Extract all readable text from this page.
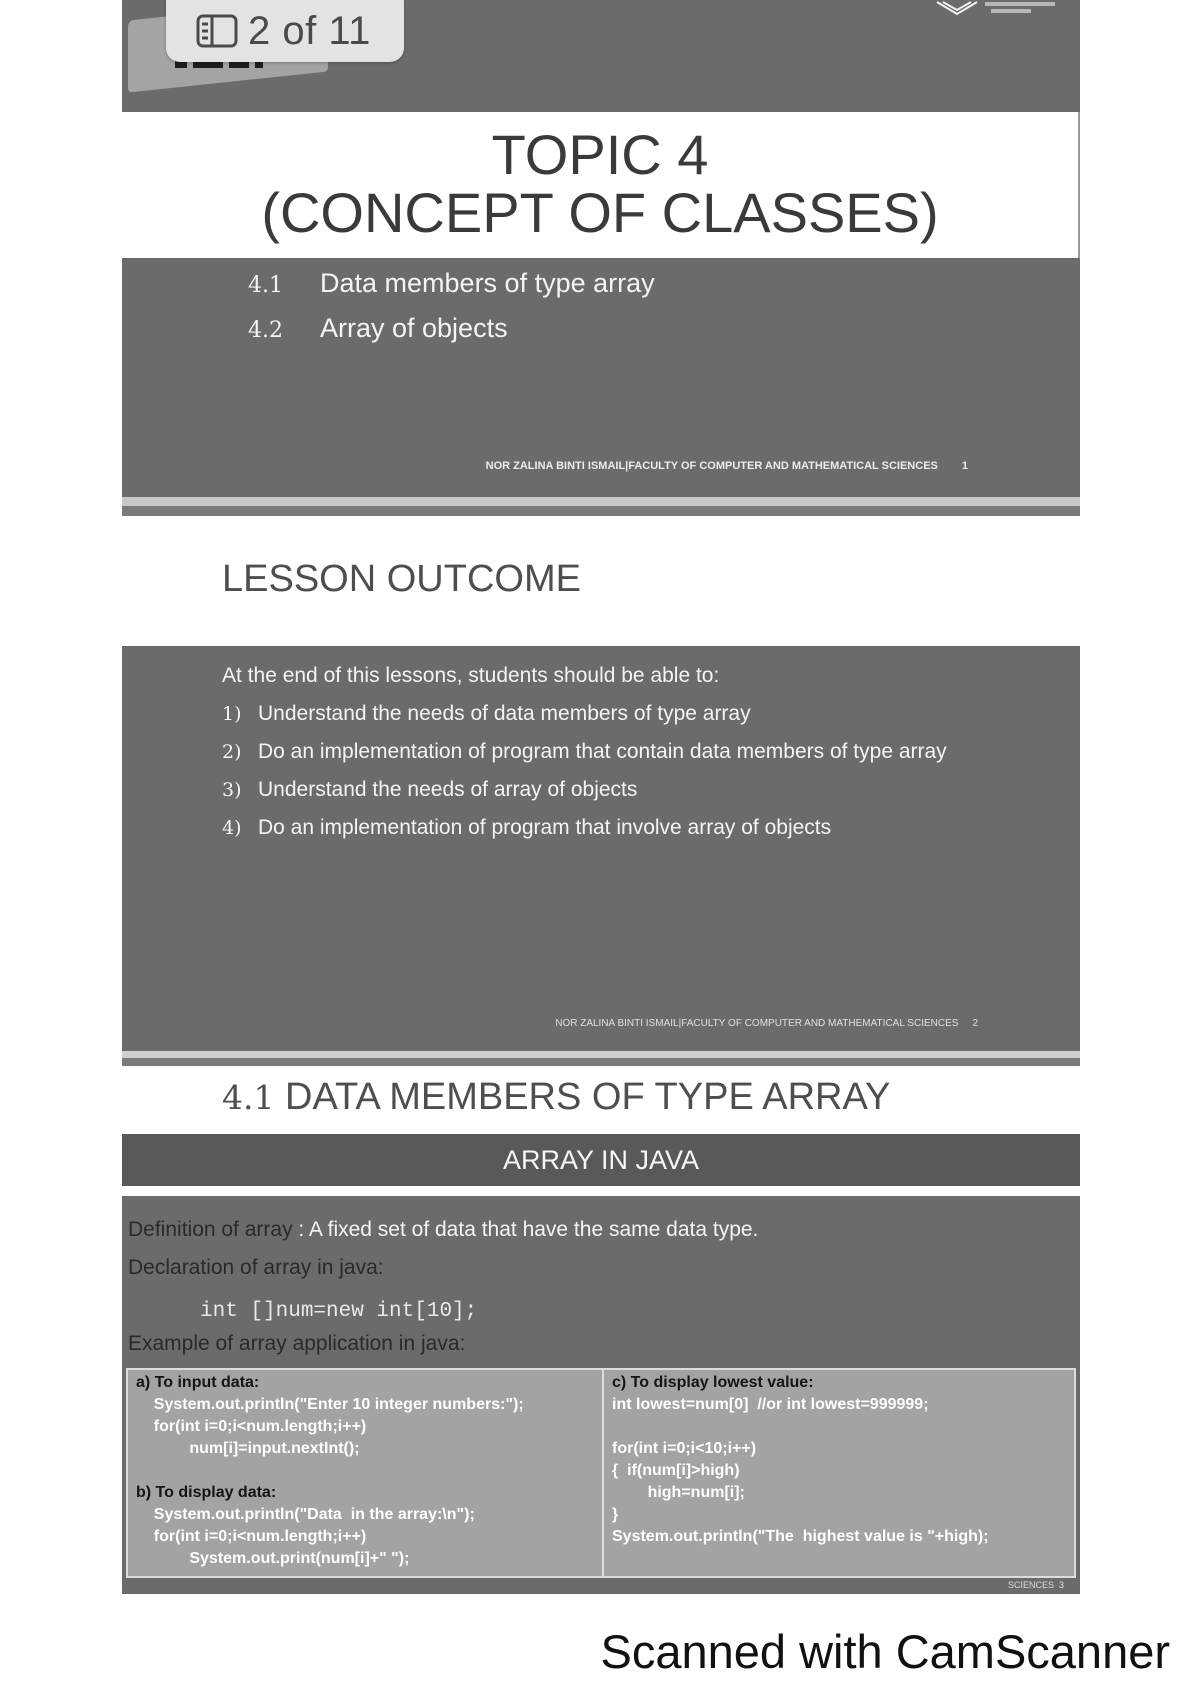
2 of 11
TOPIC 4
(CONCEPT OF CLASSES)
4.1 Data members of type array
4.2 Array of objects
NOR ZALINA BINTI ISMAIL|FACULTY OF COMPUTER AND MATHEMATICAL SCIENCES 1
LESSON OUTCOME
At the end of this lessons, students should be able to:
1) Understand the needs of data members of type array
2) Do an implementation of program that contain data members of type array
3) Understand the needs of array of objects
4) Do an implementation of program that involve array of objects
NOR ZALINA BINTI ISMAIL|FACULTY OF COMPUTER AND MATHEMATICAL SCIENCES 2
4.1 DATA MEMBERS OF TYPE ARRAY
ARRAY IN JAVA
Definition of array : A fixed set of data that have the same data type.
Declaration of array in java:
int []num=new int[10];
Example of array application in java:
a) To input data:
System.out.println("Enter 10 integer numbers:");
for(int i=0;i<num.length;i++)
num[i]=input.nextInt();
b) To display data:
System.out.println("Data  in the array:\n");
for(int i=0;i<num.length;i++)
System.out.print(num[i]+" ");
c) To display lowest value:
int lowest=num[0]  //or int lowest=999999;
for(int i=0;i<10;i++)
{  if(num[i]>high)
high=num[i];
}
System.out.println("The  highest value is "+high);
SCIENCES 3
Scanned with CamScanner
